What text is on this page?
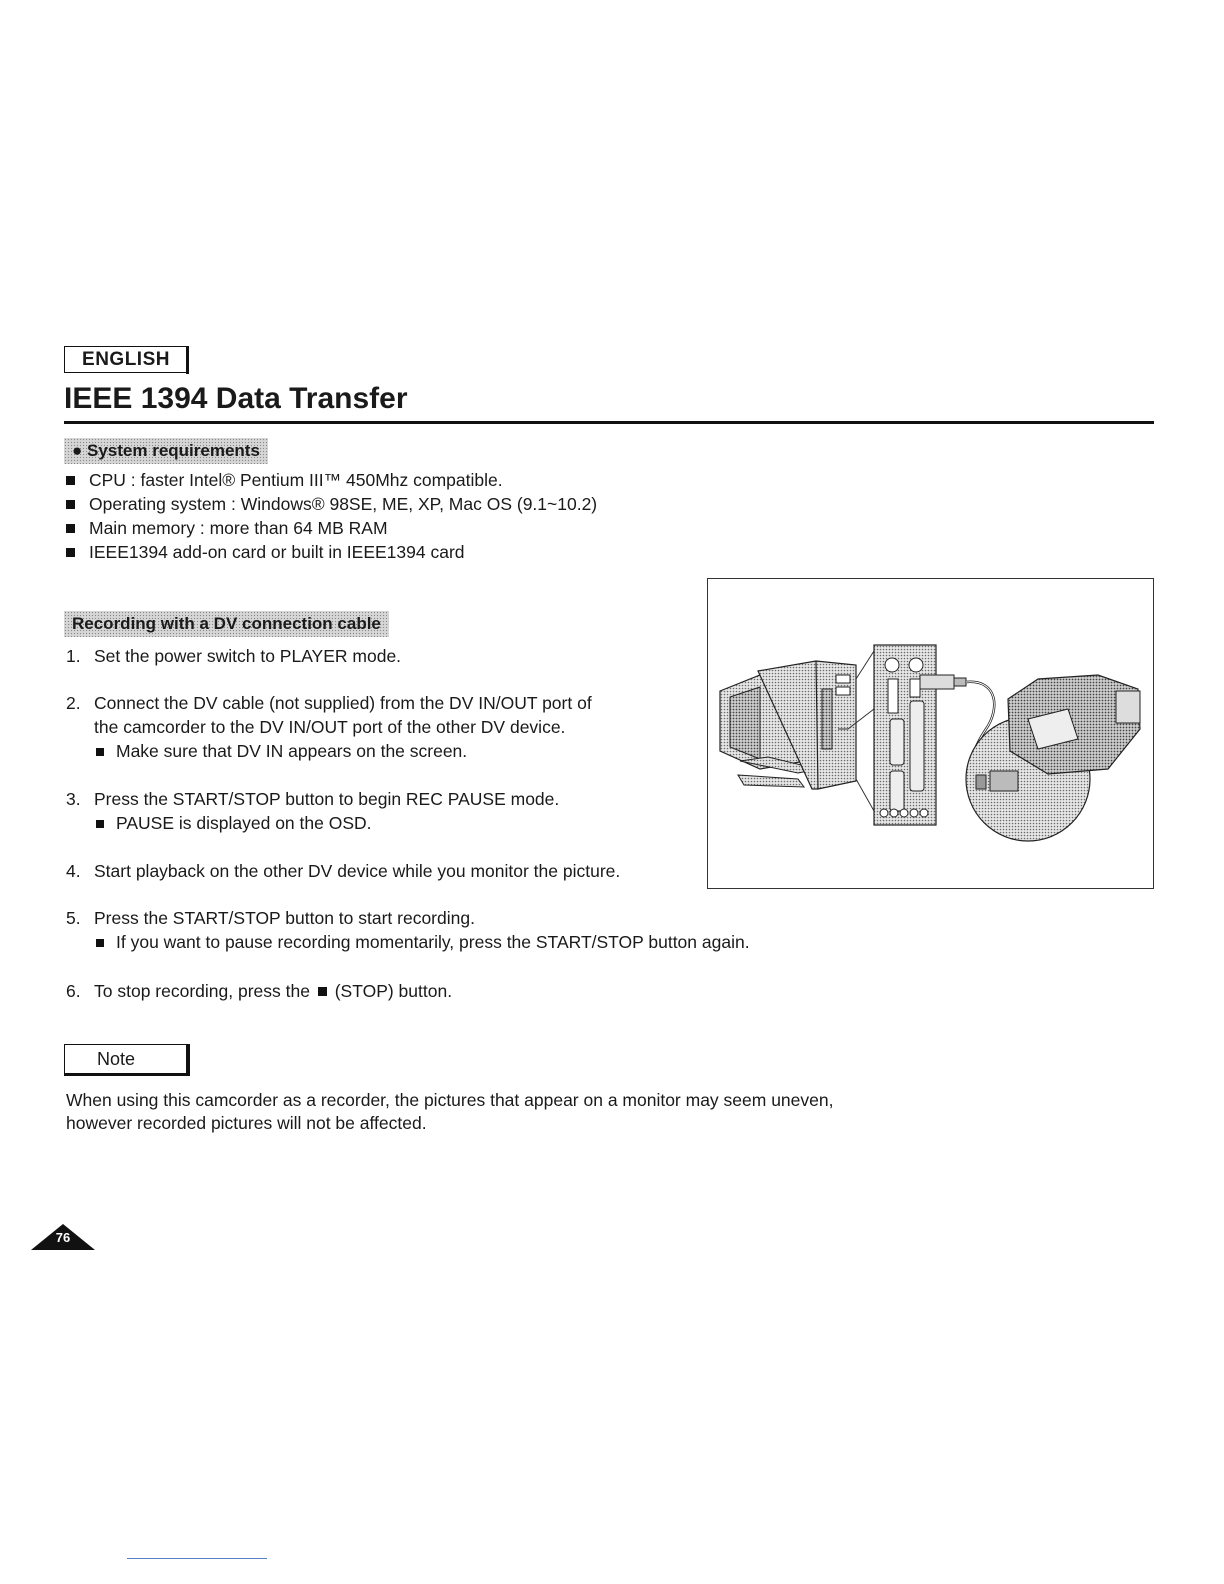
ENGLISH
IEEE 1394 Data Transfer
● System requirements
CPU : faster Intel® Pentium III™ 450Mhz compatible.
Operating system : Windows® 98SE, ME, XP, Mac OS (9.1~10.2)
Main memory : more than 64 MB RAM
IEEE1394 add-on card or built in IEEE1394 card
Recording with a DV connection cable
1. Set the power switch to PLAYER mode.
2. Connect the DV cable (not supplied) from the DV IN/OUT port of
the camcorder to the DV IN/OUT port of the other DV device.
Make sure that DV IN appears on the screen.
3. Press the START/STOP button to begin REC PAUSE mode.
PAUSE is displayed on the OSD.
4. Start playback on the other DV device while you monitor the picture.
5. Press the START/STOP button to start recording.
If you want to pause recording momentarily, press the START/STOP button again.
6. To stop recording, press the (STOP) button.
Note
When using this camcorder as a recorder, the pictures that appear on a monitor may seem uneven,
however recorded pictures will not be affected.
76
